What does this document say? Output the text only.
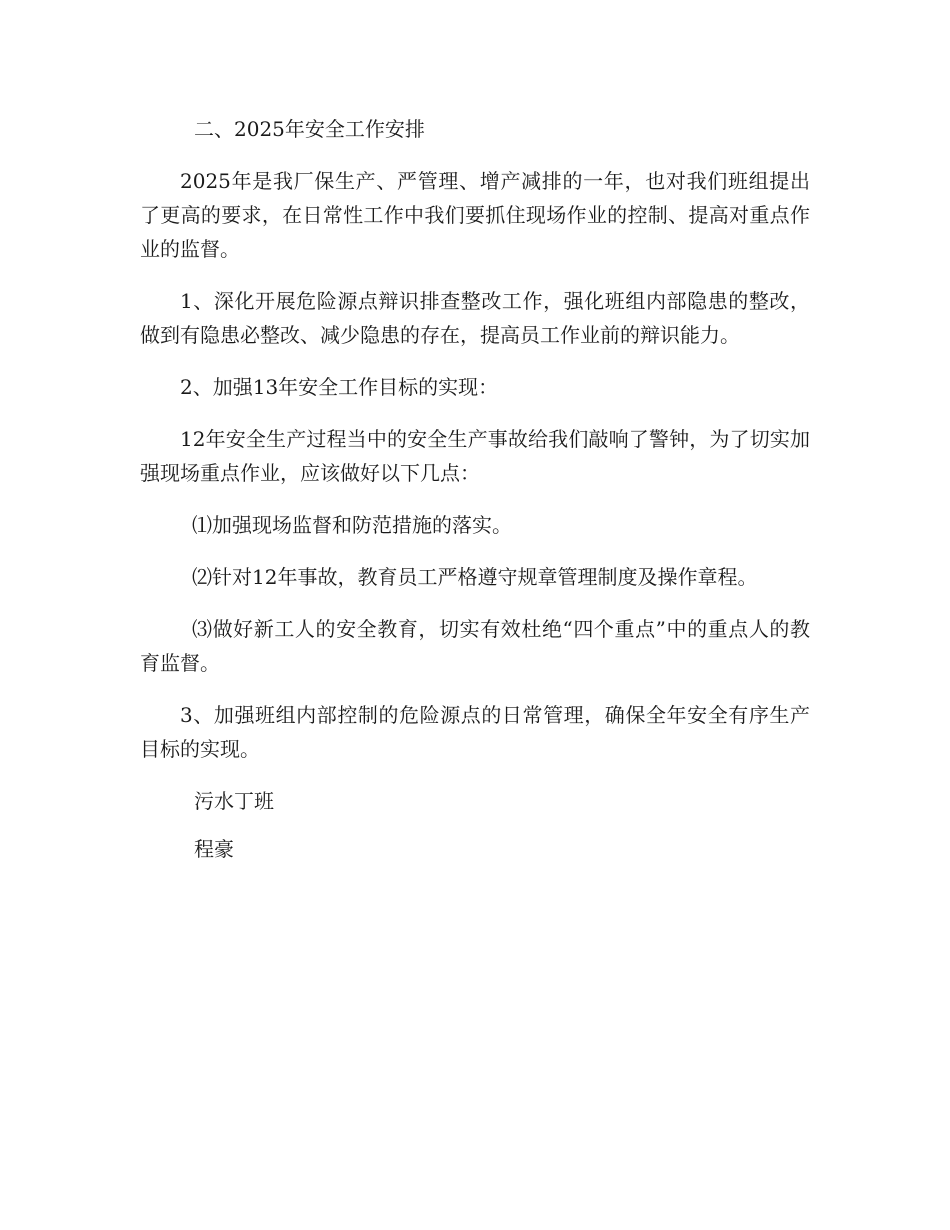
二、2025年安全工作安排

2025年是我厂保生产、严管理、增产减排的一年，也对我们班组提出了更高的要求，在日常性工作中我们要抓住现场作业的控制、提高对重点作业的监督。

1、深化开展危险源点辩识排查整改工作，强化班组内部隐患的整改，做到有隐患必整改、减少隐患的存在，提高员工作业前的辩识能力。

2、加强13年安全工作目标的实现：

12年安全生产过程当中的安全生产事故给我们敲响了警钟，为了切实加强现场重点作业，应该做好以下几点：

⑴加强现场监督和防范措施的落实。

⑵针对12年事故，教育员工严格遵守规章管理制度及操作章程。

⑶做好新工人的安全教育，切实有效杜绝“四个重点”中的重点人的教育监督。

3、加强班组内部控制的危险源点的日常管理，确保全年安全有序生产目标的实现。

污水丁班

程豪
